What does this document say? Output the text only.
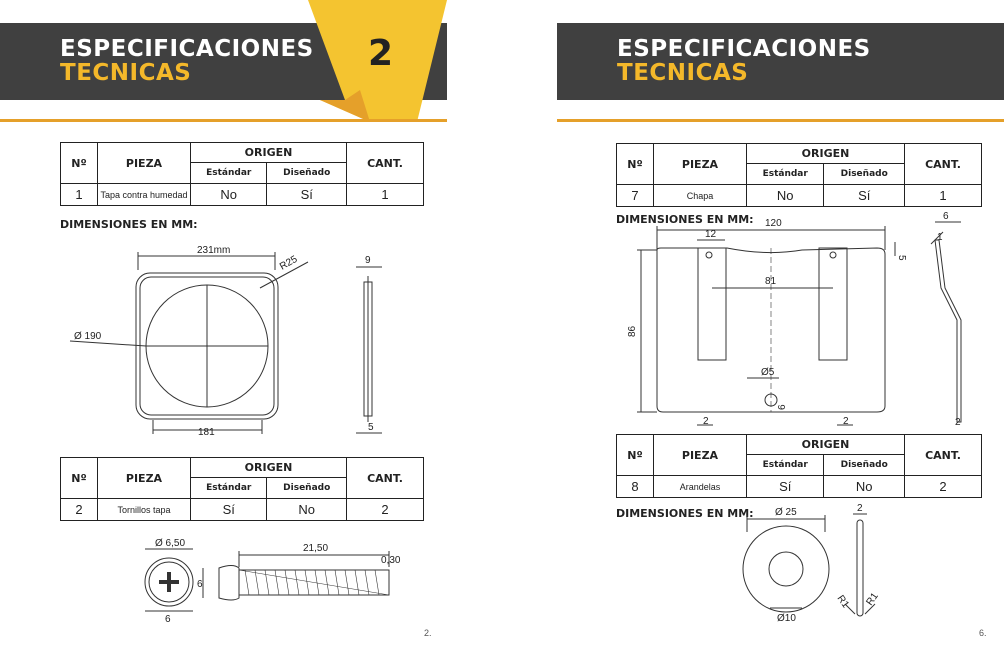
2
ESPECIFICACIONES
TECNICAS
Nº	PIEZA	ORIGEN		CANT.
		Estándar	Diseñado	
1	Tapa contra humedad	No	Sí	1
DIMENSIONES EN MM:
231mm
R25
Ø 190
181
9
5
Nº	PIEZA	ORIGEN		CANT.
		Estándar	Diseñado	
2	Tornillos tapa	Sí	No	2
Ø 6,50
6
6
21,50
0,30
2.
ESPECIFICACIONES
TECNICAS
Nº	PIEZA	ORIGEN		CANT.
		Estándar	Diseñado	
7	Chapa	No	Sí	1
DIMENSIONES EN MM: 120
12
81
86
5
Ø5
6
2	2
6
1
2
Nº	PIEZA	ORIGEN		CANT.
		Estándar	Diseñado	
8	Arandelas	Sí	No	2
DIMENSIONES EN MM: Ø 25
Ø10
2
R1 R1
6.
